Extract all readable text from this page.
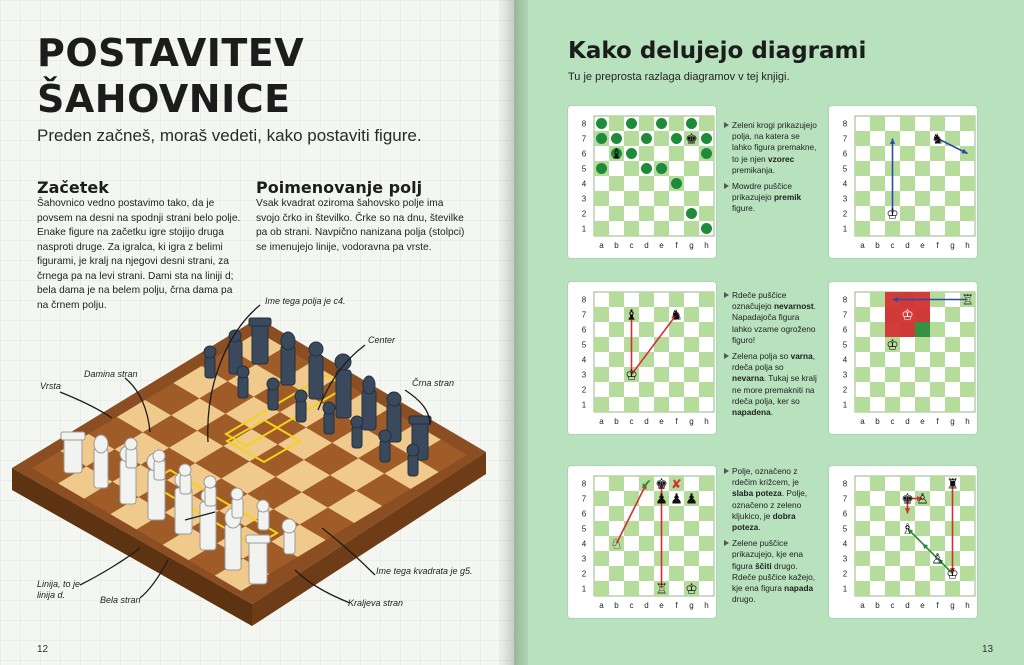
POSTAVITEV
ŠAHOVNICE
Preden začneš, moraš vedeti, kako postaviti figure.
Začetek
Šahovnico vedno postavimo tako, da je povsem na desni na spodnji strani belo polje. Enake figure na začetku igre stojijo druga nasproti druge. Za igralca, ki igra z belimi figurami, je kralj na njegovi desni strani, za črnega pa na levi strani. Dami sta na liniji d; bela dama je na belem polju, črna dama pa na črnem polju.
Poimenovanje polj
Vsak kvadrat oziroma šahovsko polje ima svojo črko in številko. Črke so na dnu, številke pa ob strani. Navpično nanizana polja (stolpci) se imenujejo linije, vodoravna pa vrste.
Ime tega polja je c4.
Center
Damina stran
Vrsta	Črna stran
Linija, to je linija d.	Bela stran
Ime tega kvadrata je g5.
Kraljeva stran
12
Kako delujejo diagrami
Tu je preprosta razlaga diagramov v tej knjigi.
8
7
6
5
4
3
2
1
a b c d e f g h
♝
♚
8
7
6
5
4
3
2
1
a b c d e f g h
♔
♞
8
7
6
5
4
3
2
1
a b c d e f g h
♝ ♞
♔
8
7
6
5
4
3
2
1
a b c d e f g h
♖
♔
♔
8
7
6
5
4
3
2
1
a b c d e f g h
✔ ✘
♚
♘
♖ ♔
♟ ♟ ♟
8
7
6
5
4
3
2
1
a b c d e f g h
♜
♚ ♙
♗
♙
♔

Zeleni krogi prikazujejo polja, na katera se lahko figura premakne, to je njen vzorec premikanja.

Mowdre puščice prikazujejo premik figure.

Rdeče puščice označujejo nevarnost. Napadajoča figura lahko vzame ogroženo figuro!

Zelena polja so varna, rdeča polja so nevarna. Tukaj se kralj ne more premakniti na rdeča polja, ker so napadena.

Polje, označeno z rdečim križcem, je slaba poteza. Polje, označeno z zeleno kljukico, je dobra poteza.

Zelene puščice prikazujejo, kje ena figura ščiti drugo. Rdeče puščice kažejo, kje ena figura napada drugo.

13
